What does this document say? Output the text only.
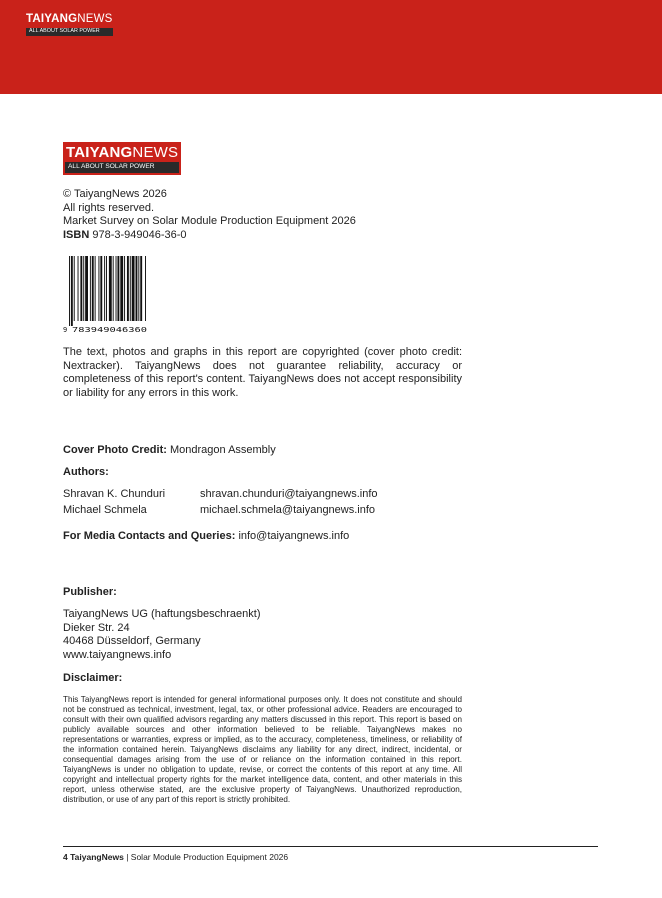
TAIYANGNEWS
ALL ABOUT SOLAR POWER
TAIYANGNEWS
ALL ABOUT SOLAR POWER
© TaiyangNews 2026
All rights reserved.
Market Survey on Solar Module Production Equipment 2026
ISBN 978-3-949046-36-0
9 783949046360

The text, photos and graphs in this report are copyrighted (cover photo credit: Nextracker). TaiyangNews does not guarantee reliability, accuracy or completeness of this report's content. TaiyangNews does not accept responsibility or liability for any errors in this work.

Cover Photo Credit: Mondragon Assembly
Authors:
Shravan K. Chunduri	shravan.chunduri@taiyangnews.info
Michael Schmela	michael.schmela@taiyangnews.info
For Media Contacts and Queries: info@taiyangnews.info
Publisher:
TaiyangNews UG (haftungsbeschraenkt)
Dieker Str. 24
40468 Düsseldorf, Germany
www.taiyangnews.info
Disclaimer:

This TaiyangNews report is intended for general informational purposes only. It does not constitute and should not be construed as technical, investment, legal, tax, or other professional advice. Readers are encouraged to consult with their own qualified advisors regarding any matters discussed in this report. This report is based on publicly available sources and other information believed to be reliable. TaiyangNews makes no representations or warranties, express or implied, as to the accuracy, completeness, timeliness, or reliability of the information contained herein. TaiyangNews disclaims any liability for any direct, indirect, incidental, or consequential damages arising from the use of or reliance on the information contained in this report. TaiyangNews is under no obligation to update, revise, or correct the contents of this report at any time. All copyright and intellectual property rights for the market intelligence data, content, and other materials in this report, unless otherwise stated, are the exclusive property of TaiyangNews. Unauthorized reproduction, distribution, or use of any part of this report is strictly prohibited.

4 TaiyangNews | Solar Module Production Equipment 2026
